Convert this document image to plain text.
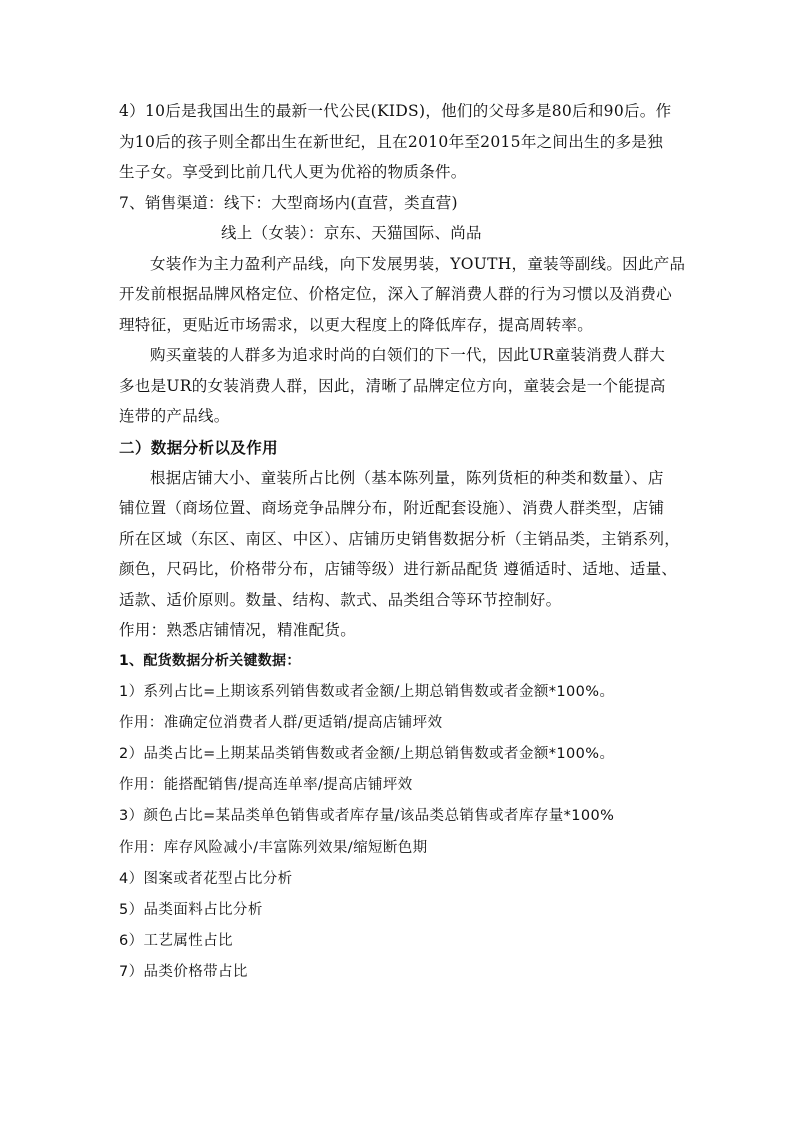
4）10后是我国出生的最新一代公民(KIDS)，他们的父母多是80后和90后。作
为10后的孩子则全都出生在新世纪，且在2010年至2015年之间出生的多是独
生子女。享受到比前几代人更为优裕的物质条件。
7、销售渠道：线下：大型商场内(直营，类直营)
线上（女装）：京东、天猫国际、尚品
女装作为主力盈利产品线，向下发展男装，YOUTH，童装等副线。因此产品
开发前根据品牌风格定位、价格定位，深入了解消费人群的行为习惯以及消费心
理特征，更贴近市场需求，以更大程度上的降低库存，提高周转率。
购买童装的人群多为追求时尚的白领们的下一代，因此UR童装消费人群大
多也是UR的女装消费人群，因此，清晰了品牌定位方向，童装会是一个能提高
连带的产品线。
二）数据分析以及作用
根据店铺大小、童装所占比例（基本陈列量，陈列货柜的种类和数量）、店
铺位置（商场位置、商场竞争品牌分布，附近配套设施）、消费人群类型，店铺
所在区域（东区、南区、中区）、店铺历史销售数据分析（主销品类，主销系列，
颜色，尺码比，价格带分布，店铺等级）进行新品配货 遵循适时、适地、适量、
适款、适价原则。数量、结构、款式、品类组合等环节控制好。
作用：熟悉店铺情况，精准配货。
1、配货数据分析关键数据：
1）系列占比=上期该系列销售数或者金额/上期总销售数或者金额*100%。
作用：准确定位消费者人群/更适销/提高店铺坪效
2）品类占比=上期某品类销售数或者金额/上期总销售数或者金额*100%。
作用：能搭配销售/提高连单率/提高店铺坪效
3）颜色占比=某品类单色销售或者库存量/该品类总销售或者库存量*100%
作用：库存风险减小/丰富陈列效果/缩短断色期
4）图案或者花型占比分析
5）品类面料占比分析
6）工艺属性占比
7）品类价格带占比
